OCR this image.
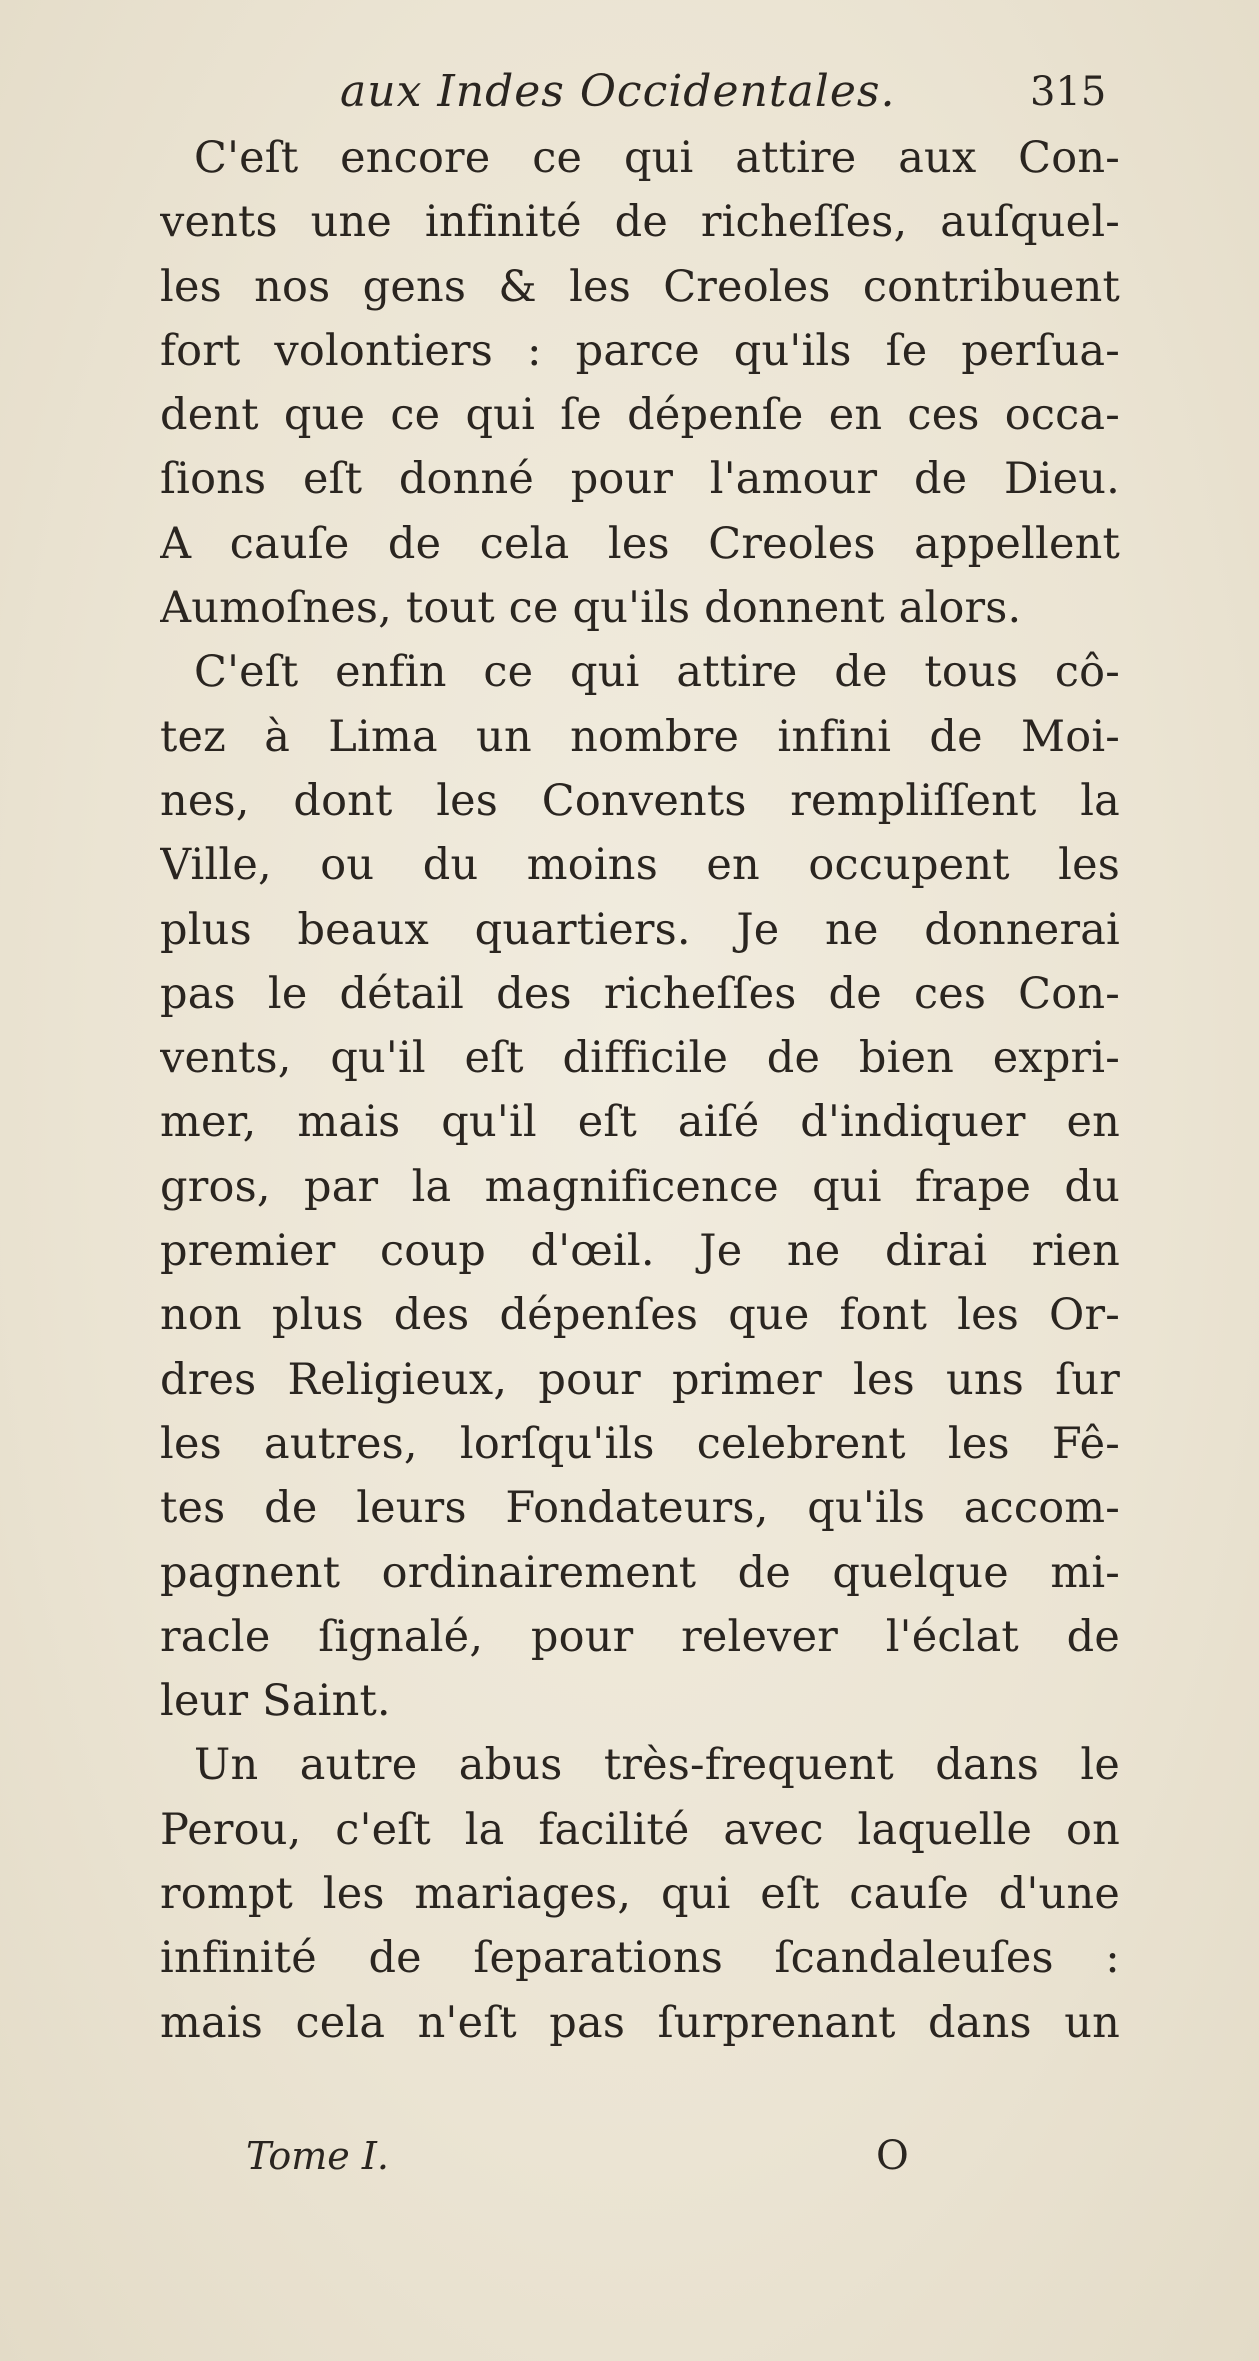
aux Indes Occidentales.	315
C'eſt encore ce qui attire aux Con-
vents une infinité de richeſſes, auſquel-
les nos gens & les Creoles contribuent
fort volontiers : parce qu'ils ſe perſua-
dent que ce qui ſe dépenſe en ces occa-
ſions eſt donné pour l'amour de Dieu.
A cauſe de cela les Creoles appellent
Aumoſnes, tout ce qu'ils donnent alors.
C'eſt enfin ce qui attire de tous cô-
tez à Lima un nombre infini de Moi-
nes, dont les Convents rempliſſent la
Ville, ou du moins en occupent les
plus beaux quartiers. Je ne donnerai
pas le détail des richeſſes de ces Con-
vents, qu'il eſt difficile de bien expri-
mer, mais qu'il eſt aiſé d'indiquer en
gros, par la magnificence qui frape du
premier coup d'œil. Je ne dirai rien
non plus des dépenſes que font les Or-
dres Religieux, pour primer les uns ſur
les autres, lorſqu'ils celebrent les Fê-
tes de leurs Fondateurs, qu'ils accom-
pagnent ordinairement de quelque mi-
racle ſignalé, pour relever l'éclat de
leur Saint.
Un autre abus très-frequent dans le
Perou, c'eſt la facilité avec laquelle on
rompt les mariages, qui eſt cauſe d'une
infinité de ſeparations ſcandaleuſes :
mais cela n'eſt pas ſurprenant dans un
Tome I.	O
